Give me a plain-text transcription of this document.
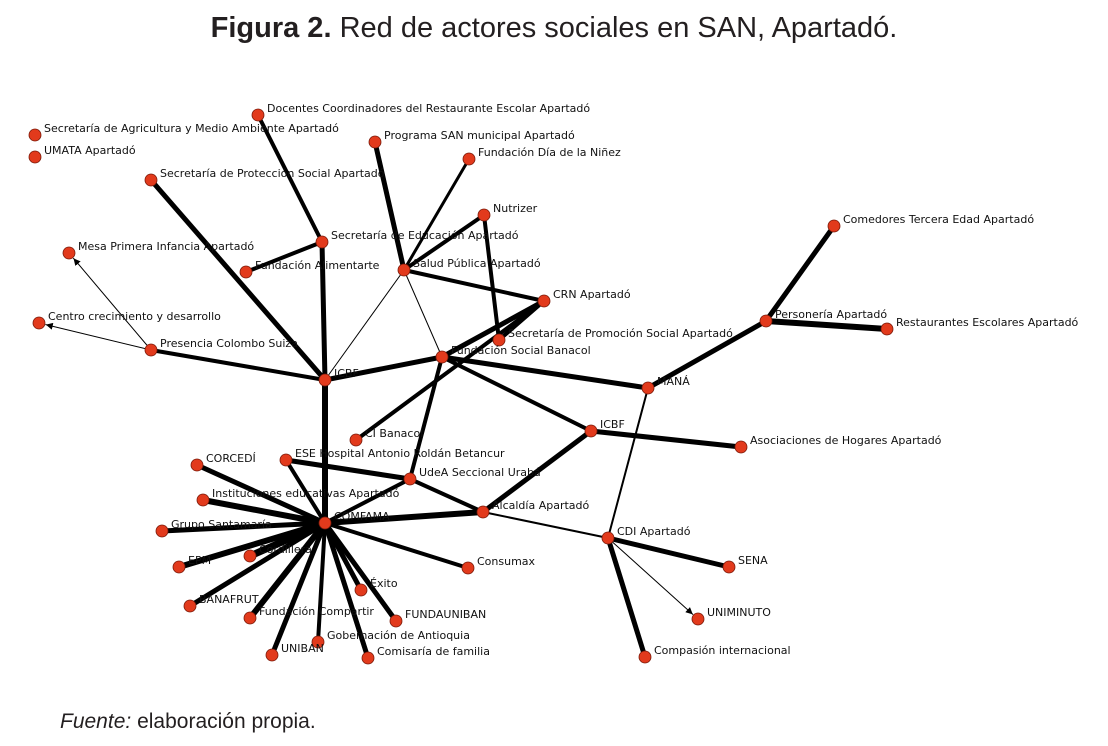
Figura 2. Red de actores sociales en SAN, Apartadó.
Secretaría de Agricultura y Medio Ambiente Apartadó
UMATA Apartadó
Docentes Coordinadores del Restaurante Escolar Apartadó
Programa SAN municipal Apartadó
Fundación Día de la Niñez
Secretaría de Protección Social Apartadó
Nutrizer
Secretaría de Educación Apartadó
Mesa Primera Infancia Apartadó
Fundación Alimentarte	Salud Pública Apartadó
Comedores Tercera Edad Apartadó
CRN Apartadó
Centro crecimiento y desarrollo
Secretaría de Promoción Social Apartadó
Personería Apartadó
Restaurantes Escolares Apartadó
Presencia Colombo Suiza
Fundación Social Banacol
ICBF
MANÁ
CI Banacol
ICBF
Asociaciones de Hogares Apartadó
CORCEDÍ	ESE Hospital Antonio Roldán Betancur
UdeA Seccional Urabá
Instituciones educativas Apartadó
Alcaldía Apartadó
COMFAMA
Grupo Santamaría
CDI Apartadó
Cordillera
EPM	Consumax	SENA
Éxito
BANAFRUT
UNIMINUTO
Fundación Compartir	FUNDAUNIBAN
Gobernación de Antioquia
UNIBAN	Comisaría de familia	Compasión internacional
Fuente: elaboración propia.
